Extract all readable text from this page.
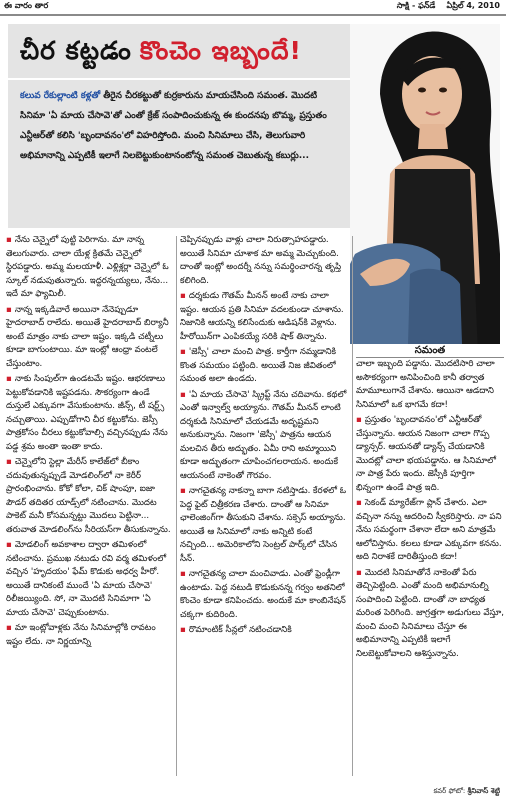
ఈ వారం తార	సాక్షి - ఫన్‌డే ఏప్రిల్ 4, 2010
చీర కట్టడం కొంచెం ఇబ్బందే!
కలువ రేకుల్లాంటి కళ్లతో తీరైన చీరకట్టుతో కుర్రకారును మాయచేసింది సమంత. మొదటి సినిమా 'ఏ మాయ చేసావె'తో ఎంతో క్రేజ్ సంపాదించుకున్న ఈ కుందనపు బొమ్మ, ప్రస్తుతం ఎన్టీఆర్‌తో కలిసి 'బృందావనం'లో విహరిస్తోంది. మంచి సినిమాలు చేసి, తెలుగువారి అభిమానాన్ని ఎప్పటికీ ఇలాగే నిలబెట్టుకుంటానంటోన్న సమంత చెబుతున్న కబుర్లు...
సమంత

▪ నేను చెన్నైలో పుట్టి పెరిగాను. మా నాన్న తెలుగువారు. చాలా యేళ్ల క్రితమే చెన్నైలో స్థిరపడ్డారు. అమ్మ మలయాళీ. ఎళ్లిశ్లర్లా చెన్నైలో ఓ స్కూల్ నడుపుతున్నారు. ఇద్దరన్నయ్యలు, నేను... ఇదే మా ఫ్యామిలీ.

▪ నాన్న ఇక్కడివారే అయినా నేనెప్పుడూ హైదరాబాద్ రాలేదు. అయితే హైదరాబాద్ బిర్యానీ అంటే మాత్రం నాకు చాలా ఇష్టం. ఇక్కడి చట్నీలు కూడా బాగుంటాయి. మా ఇంట్లో ఆంధ్రా వంటలే చేస్తుంటాం.

▪ నాకు సింపుల్‌గా ఉండటమే ఇష్టం. ఆభరణాలు పెట్టుకోవడానికి ఇష్టపడను. సౌకర్యంగా ఉండే దుస్తులే ఎక్కువగా వేసుకుంటాను. జీన్స్, టీ షర్ట్స్ నచ్చుతాయి. ఎప్పుడోగాని చీర కట్టుకోను. జెస్సీ పాత్రకోసం చీరలు కట్టుకోవాల్సి వచ్చినప్పుడు నేను పడ్డ శ్రమ అంతా ఇంతా కాదు.

▪ చెన్నైలోని స్టెల్లా మేరీస్ కాలేజ్‌లో బీకాం చదువుతున్నప్పుడే మోడలింగ్‌లో నా కెరీర్ ప్రారంభించాను. కోకో కోలా, చిక్ షాంపూ, ఐజా పౌడర్ తదితర యాడ్స్‌లో నటించాను. మొదట పాకెట్ మనీ కోసమన్నట్టు మొదలు పెట్టినా... తరువాత మోడలింగ్‌ను సీరియస్‌గా తీసుకున్నాను.

▪ మోడలింగ్ అవకాశాల ద్వారా తమిళంలో నటించాను. ప్రముఖ నటుడు రవి వర్మ తమిళంలో వచ్చిన 'హృదయం' ఫేమ్ కొడుకు అధర్వ హీరో. అయితే దానికంటే ముందే 'ఏ మాయ చేసావె' రిలీజయ్యింది. సో, నా మొదటి సినిమాగా 'ఏ మాయ చేసావె' చెప్పుకుంటాను.

▪ మా ఇంట్లోవాళ్లకు నేను సినిమాల్లోకి రావటం ఇష్టం లేదు. నా నిర్ణయాన్ని

చెప్పినప్పుడు వాళ్లు చాలా నిరుత్సాహపడ్డారు. అయితే సినిమా చూశాక మా అమ్మ మెచ్చుకుంది. దాంతో ఇంట్లో అందర్నీ నన్ను సమర్థించారన్న తృప్తి కలిగింది.

▪ దర్శకుడు గౌతమ్ మీనన్ అంటే నాకు చాలా ఇష్టం. ఆయన ప్రతి సినిమా వదలకుండా చూశాను. నిజానికి ఆయన్ని కలిసేందుకు ఆడిషన్‌కి వెళ్లాను. హీరోయిన్‌గా ఎంపికయ్యే సరికి షాక్ తిన్నాను.

▪ 'జెస్సీ' చాలా మంచి పాత్ర. కార్తీగా నమ్మడానికి కొంత సమయం పట్టింది. అయితే నిజ జీవితంలో సమంత అలా ఉండదు.

▪ 'ఏ మాయ చేసావె' స్క్రిప్ట్ నేను చదివాను. కథలో ఎంతో ఇన్వాల్వ్ అయ్యాను. గౌతమ్ మీనన్ లాంటి దర్శకుడి సినిమాలో చేయడమే అదృష్టమని అనుకున్నాను. నిజంగా 'జెస్సీ' పాత్రను ఆయన మలచిన తీరు అద్భుతం. ఏమీ రాని అమ్మాయిని కూడా అద్భుతంగా చూపించగలరాయన. అందుకే ఆయనంటే నాకెంతో గౌరవం.

▪ నాగచైతన్య నాకన్నా బాగా నటిస్తాడు. కేరళలో ఓ పెద్ద ఫైట్ చిత్రీకరణ చేశారు. దాంతో ఆ సినిమా ఛాలెంజింగ్‌గా తీసుకుని చేశాను. సక్సెస్ అయ్యాను. అయితే ఆ సినిమాలో నాకు అన్నిటి కంటే నచ్చింది... అమెరికాలోని సెంట్రల్ పార్క్‌లో చేసిన సీన్.

▪ నాగచైతన్య చాలా మంచివాడు. ఎంతో ఫ్రెండ్లీగా ఉంటాడు. పెద్ద నటుడి కొడుకునన్న గర్వం అతనిలో కొంచెం కూడా కనిపించదు. అందుకే మా కాంబినేషన్ చక్కగా కుదిరింది.

▪ రొమాంటిక్ సీన్లలో నటించడానికి

చాలా ఇబ్బంది పడ్డాను. మొదటిసారి చాలా అసౌకర్యంగా అనిపించింది కానీ తర్వాత మామూలుగానే చేశాను. ఆయినా ఆడదాని సినిమాలో ఒక భాగమే కదా!

▪ ప్రస్తుతం 'బృందావనం'లో ఎన్టీఆర్‌తో చేస్తున్నాను. ఆయన నిజంగా చాలా గొప్ప డ్యాన్సర్. ఆయనతో డ్యాన్స్ చేయడానికి మొదట్లో చాలా భయపడ్డాను. ఆ సినిమాలో నా పాత్ర పేరు ఇందు. జెస్సీకి పూర్తిగా భిన్నంగా ఉండే పాత్ర ఇది.

▪ సెకండ్ మ్యారేజ్‌గా ప్లాన్ చేశారు. ఎలా వచ్చినా నన్ను ఆదరించి స్వీకరిస్తారు. నా పని నేను సమర్థంగా చేశానా లేదా అని మాత్రమే ఆలోచిస్తాను. కలలు కూడా ఎక్కువగా కనను. అది నిరాశకే దారితీస్తుంది కదా!

▪ మొదటి సినిమాతోనే నాకెంతో పేరు తెచ్చిపెట్టింది. ఎంతో మంది అభిమానుల్ని సంపాదించి పెట్టింది. దాంతో నా బాధ్యత మరింత పెరిగింది. జాగ్రత్తగా అడుగులు వేస్తూ, మంచి మంచి సినిమాలు చేస్తూ ఈ అభిమానాన్ని ఎప్పటికీ ఇలాగే నిలబెట్టుకోవాలని ఆశిస్తున్నాను.

కవర్ ఫోటో: శ్రీనివాస్ శెట్టి
